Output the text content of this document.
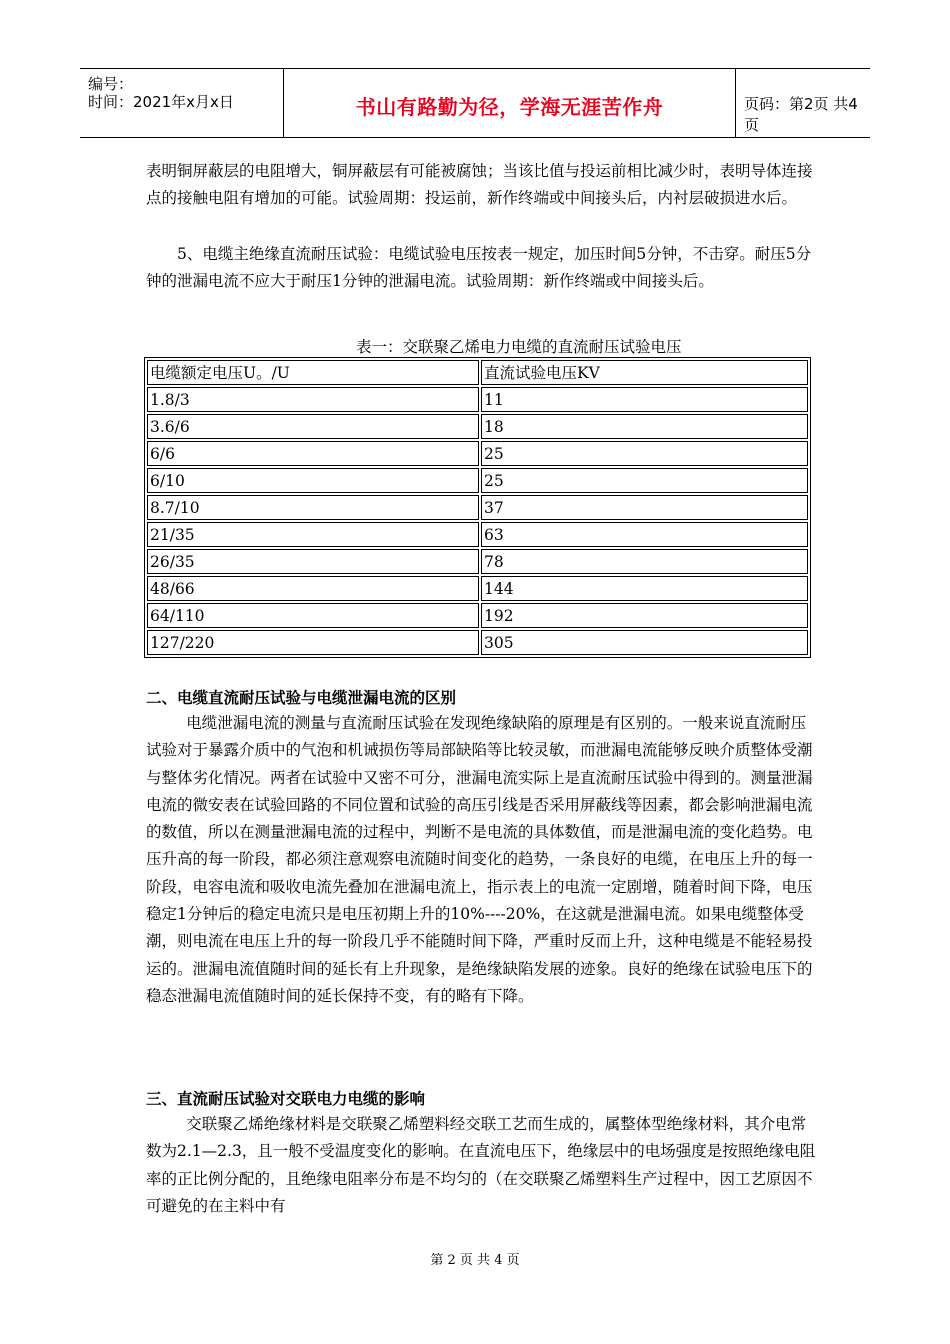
编号：
时间：2021年x月x日	书山有路勤为径，学海无涯苦作舟	页码：第2页 共4页

表明铜屏蔽层的电阻增大，铜屏蔽层有可能被腐蚀；当该比值与投运前相比减少时，表明导体连接点的接触电阻有增加的可能。试验周期：投运前，新作终端或中间接头后，内衬层破损进水后。

5、电缆主绝缘直流耐压试验：电缆试验电压按表一规定，加压时间5分钟，不击穿。耐压5分钟的泄漏电流不应大于耐压1分钟的泄漏电流。试验周期：新作终端或中间接头后。

表一：交联聚乙烯电力电缆的直流耐压试验电压
电缆额定电压U。/U	直流试验电压KV
1.8/3	11
3.6/6	18
6/6	25
6/10	25
8.7/10	37
21/35	63
26/35	78
48/66	144
64/110	192
127/220	305
二、电缆直流耐压试验与电缆泄漏电流的区别

电缆泄漏电流的测量与直流耐压试验在发现绝缘缺陷的原理是有区别的。一般来说直流耐压试验对于暴露介质中的气泡和机诫损伤等局部缺陷等比较灵敏，而泄漏电流能够反映介质整体受潮与整体劣化情况。两者在试验中又密不可分，泄漏电流实际上是直流耐压试验中得到的。测量泄漏电流的微安表在试验回路的不同位置和试验的高压引线是否采用屏蔽线等因素，都会影响泄漏电流的数值，所以在测量泄漏电流的过程中，判断不是电流的具体数值，而是泄漏电流的变化趋势。电压升高的每一阶段，都必须注意观察电流随时间变化的趋势，一条良好的电缆，在电压上升的每一阶段，电容电流和吸收电流先叠加在泄漏电流上，指示表上的电流一定剧增，随着时间下降，电压稳定1分钟后的稳定电流只是电压初期上升的10%----20%，在这就是泄漏电流。如果电缆整体受潮，则电流在电压上升的每一阶段几乎不能随时间下降，严重时反而上升，这种电缆是不能轻易投运的。泄漏电流值随时间的延长有上升现象，是绝缘缺陷发展的迹象。良好的绝缘在试验电压下的稳态泄漏电流值随时间的延长保持不变，有的略有下降。

三、直流耐压试验对交联电力电缆的影响

交联聚乙烯绝缘材料是交联聚乙烯塑料经交联工艺而生成的，属整体型绝缘材料，其介电常数为2.1—2.3，且一般不受温度变化的影响。在直流电压下，绝缘层中的电场强度是按照绝缘电阻率的正比例分配的，且绝缘电阻率分布是不均匀的（在交联聚乙烯塑料生产过程中，因工艺原因不可避免的在主料中有

第 2 页 共 4 页
